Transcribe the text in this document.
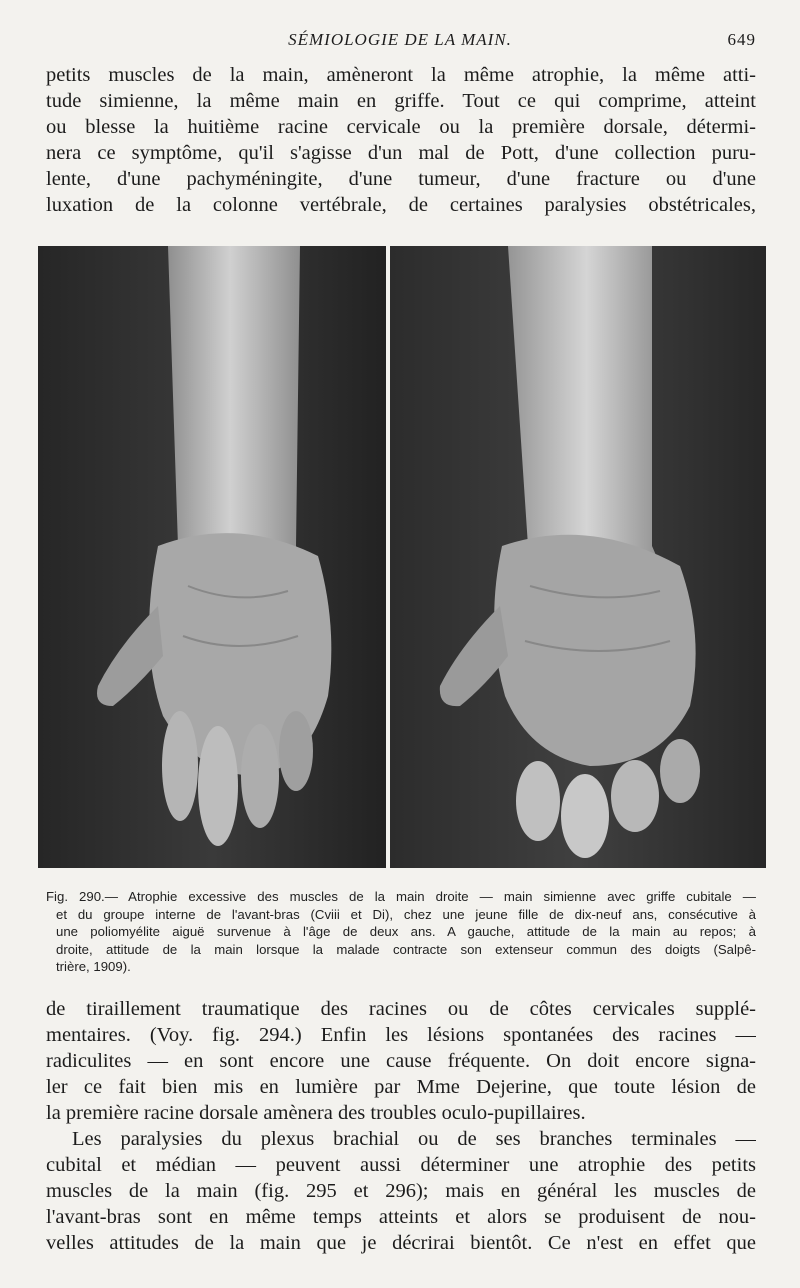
SÉMIOLOGIE DE LA MAIN.	649
petits muscles de la main, amèneront la même atrophie, la même atti-
tude simienne, la même main en griffe. Tout ce qui comprime, atteint
ou blesse la huitième racine cervicale ou la première dorsale, détermi-
nera ce symptôme, qu'il s'agisse d'un mal de Pott, d'une collection puru-
lente, d'une pachyméningite, d'une tumeur, d'une fracture ou d'une
luxation de la colonne vertébrale, de certaines paralysies obstétricales,
Fig. 290.— Atrophie excessive des muscles de la main droite — main simienne avec griffe cubitale —
et du groupe interne de l'avant-bras (Cviii et Di), chez une jeune fille de dix-neuf ans, consécutive à
une poliomyélite aiguë survenue à l'âge de deux ans. A gauche, attitude de la main au repos; à
droite, attitude de la main lorsque la malade contracte son extenseur commun des doigts (Salpê-
trière, 1909).
de tiraillement traumatique des racines ou de côtes cervicales supplé-
mentaires. (Voy. fig. 294.) Enfin les lésions spontanées des racines —
radiculites — en sont encore une cause fréquente. On doit encore signa-
ler ce fait bien mis en lumière par Mme Dejerine, que toute lésion de
la première racine dorsale amènera des troubles oculo-pupillaires.
Les paralysies du plexus brachial ou de ses branches terminales —
cubital et médian — peuvent aussi déterminer une atrophie des petits
muscles de la main (fig. 295 et 296); mais en général les muscles de
l'avant-bras sont en même temps atteints et alors se produisent de nou-
velles attitudes de la main que je décrirai bientôt. Ce n'est en effet que
